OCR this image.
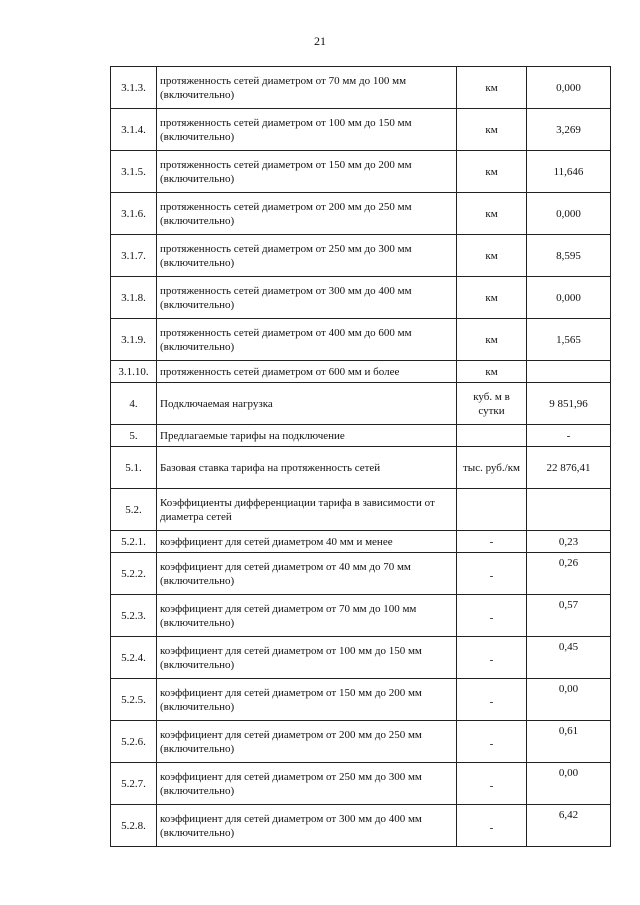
21
3.1.3.	протяженность сетей диаметром от 70 мм до 100 мм (включительно)	км	0,000
3.1.4.	протяженность сетей диаметром от 100 мм до 150 мм (включительно)	км	3,269
3.1.5.	протяженность сетей диаметром от 150 мм до 200 мм (включительно)	км	11,646
3.1.6.	протяженность сетей диаметром от 200 мм до 250 мм (включительно)	км	0,000
3.1.7.	протяженность сетей диаметром от 250 мм до 300 мм (включительно)	км	8,595
3.1.8.	протяженность сетей диаметром от 300 мм до 400 мм (включительно)	км	0,000
3.1.9.	протяженность сетей диаметром от 400 мм до 600 мм (включительно)	км	1,565
3.1.10.	протяженность сетей диаметром от 600 мм и более	км	
4.	Подключаемая нагрузка	куб. м в сутки	9 851,96
5.	Предлагаемые тарифы на подключение		-
5.1.	Базовая ставка тарифа на протяженность сетей	тыс. руб./км	22 876,41
5.2.	Коэффициенты дифференциации тарифа в зависимости от диаметра сетей		
5.2.1.	коэффициент для сетей диаметром 40 мм и менее	-	0,23
5.2.2.	коэффициент для сетей диаметром от 40 мм до 70 мм (включительно)	-	0,26
5.2.3.	коэффициент для сетей диаметром от 70 мм до 100 мм (включительно)	-	0,57
5.2.4.	коэффициент для сетей диаметром от 100 мм до 150 мм (включительно)	-	0,45
5.2.5.	коэффициент для сетей диаметром от 150 мм до 200 мм (включительно)	-	0,00
5.2.6.	коэффициент для сетей диаметром от 200 мм до 250 мм (включительно)	-	0,61
5.2.7.	коэффициент для сетей диаметром от 250 мм до 300 мм (включительно)	-	0,00
5.2.8.	коэффициент для сетей диаметром от 300 мм до 400 мм (включительно)	-	6,42
